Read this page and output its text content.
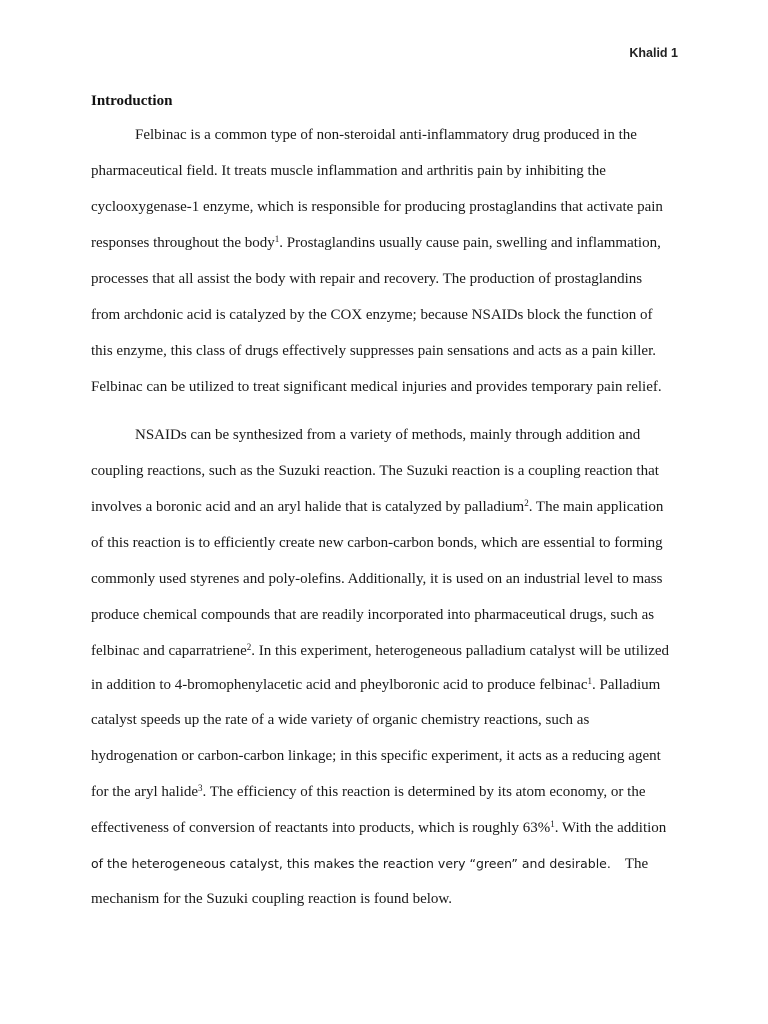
Khalid 1
Introduction
Felbinac is a common type of non-steroidal anti-inflammatory drug produced in the
pharmaceutical field. It treats muscle inflammation and arthritis pain by inhibiting the
cyclooxygenase-1 enzyme, which is responsible for producing prostaglandins that activate pain
responses throughout the body$^1$. Prostaglandins usually cause pain, swelling and inflammation,
processes that all assist the body with repair and recovery. The production of prostaglandins
from archdonic acid is catalyzed by the COX enzyme; because NSAIDs block the function of
this enzyme, this class of drugs effectively suppresses pain sensations and acts as a pain killer.
Felbinac can be utilized to treat significant medical injuries and provides temporary pain relief.
NSAIDs can be synthesized from a variety of methods, mainly through addition and
coupling reactions, such as the Suzuki reaction. The Suzuki reaction is a coupling reaction that
involves a boronic acid and an aryl halide that is catalyzed by palladium$^2$. The main application
of this reaction is to efficiently create new carbon-carbon bonds, which are essential to forming
commonly used styrenes and poly-olefins. Additionally, it is used on an industrial level to mass
produce chemical compounds that are readily incorporated into pharmaceutical drugs, such as
felbinac and caparratriene$^2$. In this experiment, heterogeneous palladium catalyst will be utilized
in addition to 4-bromophenylacetic acid and pheylboronic acid to produce felbinac$^1$. Palladium
catalyst speeds up the rate of a wide variety of organic chemistry reactions, such as
hydrogenation or carbon-carbon linkage; in this specific experiment, it acts as a reducing agent
for the aryl halide$^3$. The efficiency of this reaction is determined by its atom economy, or the
effectiveness of conversion of reactants into products, which is roughly 63%$^1$. With the addition
of the heterogeneous catalyst, this makes the reaction very “green” and desirable. The
mechanism for the Suzuki coupling reaction is found below.
